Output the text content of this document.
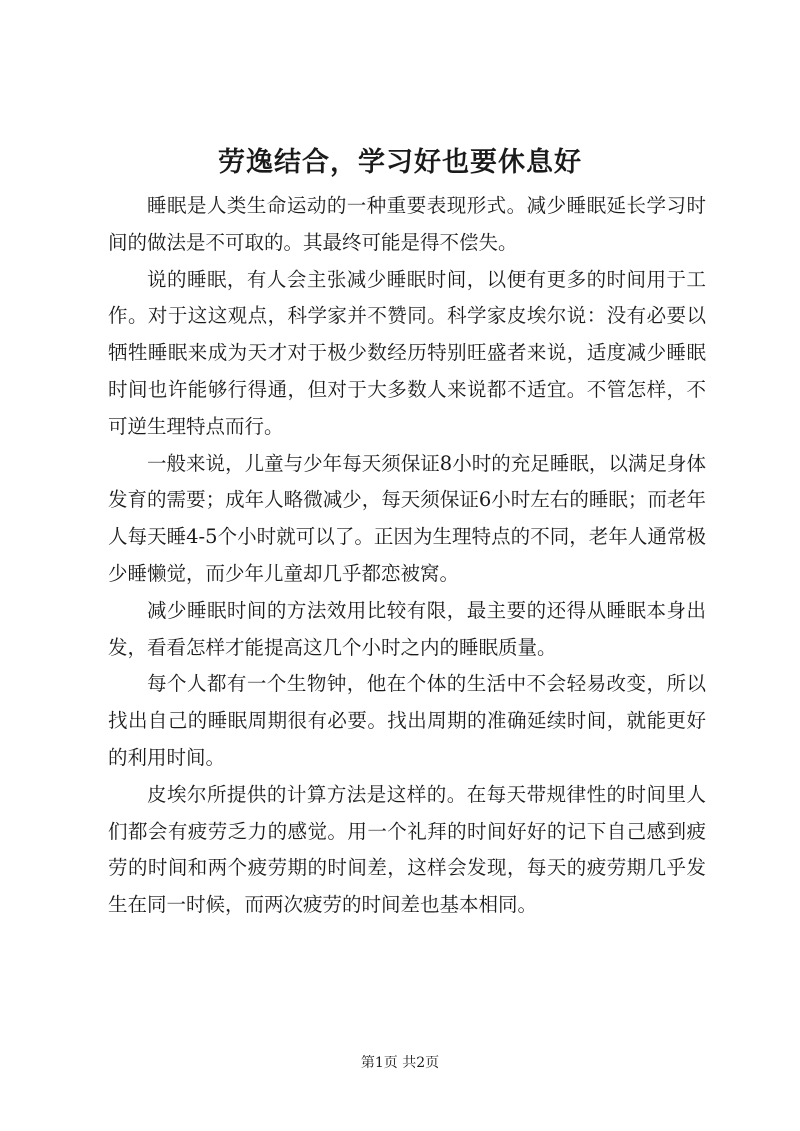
劳逸结合，学习好也要休息好

睡眠是人类生命运动的一种重要表现形式。减少睡眠延长学习时间的做法是不可取的。其最终可能是得不偿失。

说的睡眠，有人会主张减少睡眠时间，以便有更多的时间用于工作。对于这这观点，科学家并不赞同。科学家皮埃尔说：没有必要以牺牲睡眠来成为天才对于极少数经历特别旺盛者来说，适度减少睡眠时间也许能够行得通，但对于大多数人来说都不适宜。不管怎样，不可逆生理特点而行。

一般来说，儿童与少年每天须保证8小时的充足睡眠，以满足身体发育的需要；成年人略微减少，每天须保证6小时左右的睡眠；而老年人每天睡4-5个小时就可以了。正因为生理特点的不同，老年人通常极少睡懒觉，而少年儿童却几乎都恋被窝。

减少睡眠时间的方法效用比较有限，最主要的还得从睡眠本身出发，看看怎样才能提高这几个小时之内的睡眠质量。

每个人都有一个生物钟，他在个体的生活中不会轻易改变，所以找出自己的睡眠周期很有必要。找出周期的准确延续时间，就能更好的利用时间。

皮埃尔所提供的计算方法是这样的。在每天带规律性的时间里人们都会有疲劳乏力的感觉。用一个礼拜的时间好好的记下自己感到疲劳的时间和两个疲劳期的时间差，这样会发现，每天的疲劳期几乎发生在同一时候，而两次疲劳的时间差也基本相同。

第1页 共2页
